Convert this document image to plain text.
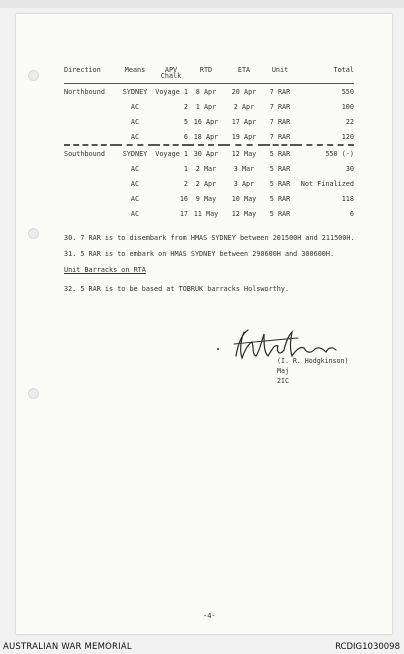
Direction	Means	APV Chalk	RTD	ETA	Unit	Total
Northbound	SYDNEY	Voyage 1	8 Apr	20 Apr	7 RAR	550
	AC	2	1 Apr	2 Apr	7 RAR	100
	AC	5	16 Apr	17 Apr	7 RAR	22
	AC	6	18 Apr	19 Apr	7 RAR	120
Southbound	SYDNEY	Voyage 1	30 Apr	12 May	5 RAR	550 (-)
	AC	1	2 Mar	3 Mar	5 RAR	30
	AC	2	2 Apr	3 Apr	5 RAR	Not Finalized
	AC	16	9 May	10 May	5 RAR	118
	AC	17	11 May	12 May	5 RAR	6
30. 7 RAR is to disembark from HMAS SYDNEY between 201500H and 211500H.
31. 5 RAR is to embark on HMAS SYDNEY between 290600H and 300600H.
Unit Barracks on RTA
32. 5 RAR is to be based at TOBRUK barracks Holsworthy.
(I. R. Hodgkinson)
Maj
2IC
-4-
AUSTRALIAN WAR MEMORIAL	RCDIG1030098
